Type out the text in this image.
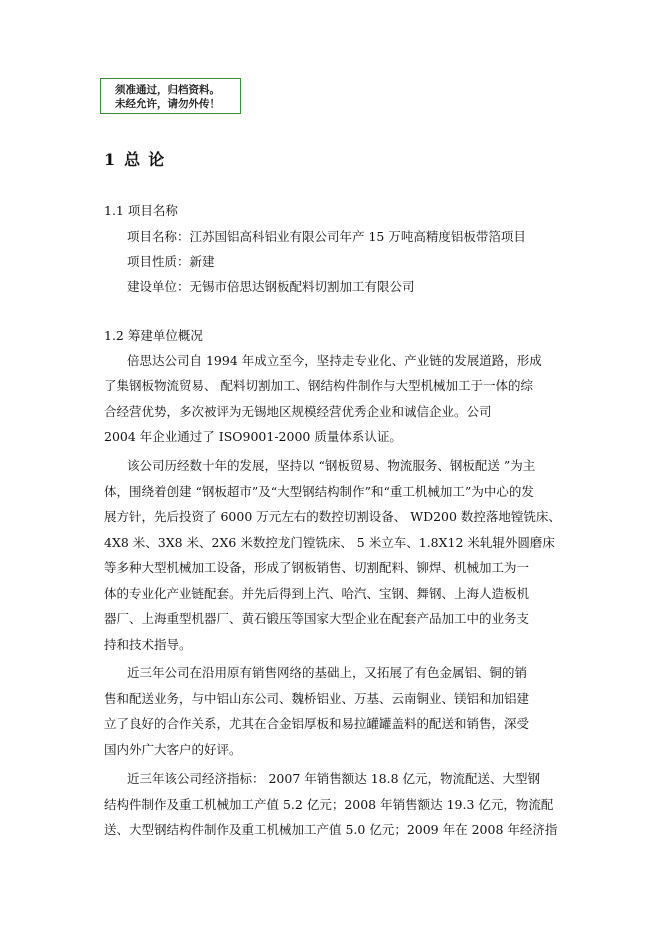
须准通过，归档资料。
未经允许，请勿外传！
1 总论
1.1 项目名称
项目名称：江苏国铝高科铝业有限公司年产 15 万吨高精度铝板带箔项目
项目性质：新建
建设单位：无锡市倍思达钢板配料切割加工有限公司
1.2 筹建单位概况
倍思达公司自 1994 年成立至今，坚持走专业化、产业链的发展道路，形成
了集钢板物流贸易、 配料切割加工、钢结构件制作与大型机械加工于一体的综
合经营优势，多次被评为无锡地区规模经营优秀企业和诚信企业。公司
2004 年企业通过了 ISO9001-2000 质量体系认证。
该公司历经数十年的发展，坚持以 “钢板贸易、物流服务、钢板配送 ”为主
体，围绕着创建 “钢板超市”及“大型钢结构制作”和“重工机械加工”为中心的发
展方针，先后投资了 6000 万元左右的数控切割设备、 WD200 数控落地镗铣床、
4X8 米、3X8 米、2X6 米数控龙门镗铣床、 5 米立车、1.8X12 米轧辊外圆磨床
等多种大型机械加工设备，形成了钢板销售、切割配料、铆焊、机械加工为一
体的专业化产业链配套。并先后得到上汽、哈汽、宝钢、舞钢、上海人造板机
器厂、上海重型机器厂、黄石锻压等国家大型企业在配套产品加工中的业务支
持和技术指导。
近三年公司在沿用原有销售网络的基础上，又拓展了有色金属铝、铜的销
售和配送业务，与中铝山东公司、魏桥铝业、万基、云南铜业、镁铝和加铝建
立了良好的合作关系，尤其在合金铝厚板和易拉罐罐盖料的配送和销售，深受
国内外广大客户的好评。
近三年该公司经济指标： 2007 年销售额达 18.8 亿元，物流配送、大型钢
结构件制作及重工机械加工产值 5.2 亿元；2008 年销售额达 19.3 亿元，物流配
送、大型钢结构件制作及重工机械加工产值 5.0 亿元；2009 年在 2008 年经济指
